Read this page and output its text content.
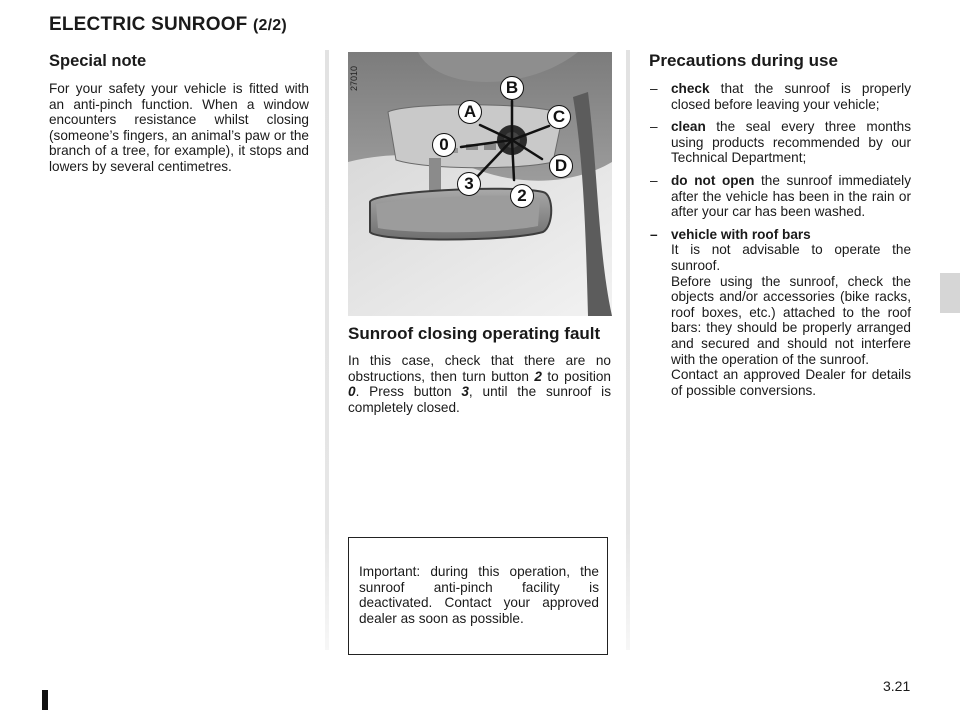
ELECTRIC SUNROOF (2/2)
Special note

For your safety your vehicle is fitted with an anti-pinch function. When a window encounters resistance whilst closing (someone’s fingers, an animal’s paw or the branch of a tree, for example), it stops and lowers by several centimetres.

27010
A
B
C
D
0
3
2
Sunroof closing operating fault

In this case, check that there are no obstructions, then turn button 2 to position 0. Press button 3, until the sunroof is completely closed.

Important: during this operation, the sunroof anti-pinch facility is deactivated. Contact your approved dealer as soon as possible.

Precautions during use
– check that the sunroof is properly closed before leaving your vehicle;
– clean the seal every three months using products recommended by our Technical Department;
– do not open the sunroof immediately after the vehicle has been in the rain or after your car has been washed.
– vehicle with roof bars
It is not advisable to operate the sunroof.
Before using the sunroof, check the objects and/or accessories (bike racks, roof boxes, etc.) attached to the roof bars: they should be properly arranged and secured and should not interfere with the operation of the sunroof.
Contact an approved Dealer for details of possible conversions.
3.21
